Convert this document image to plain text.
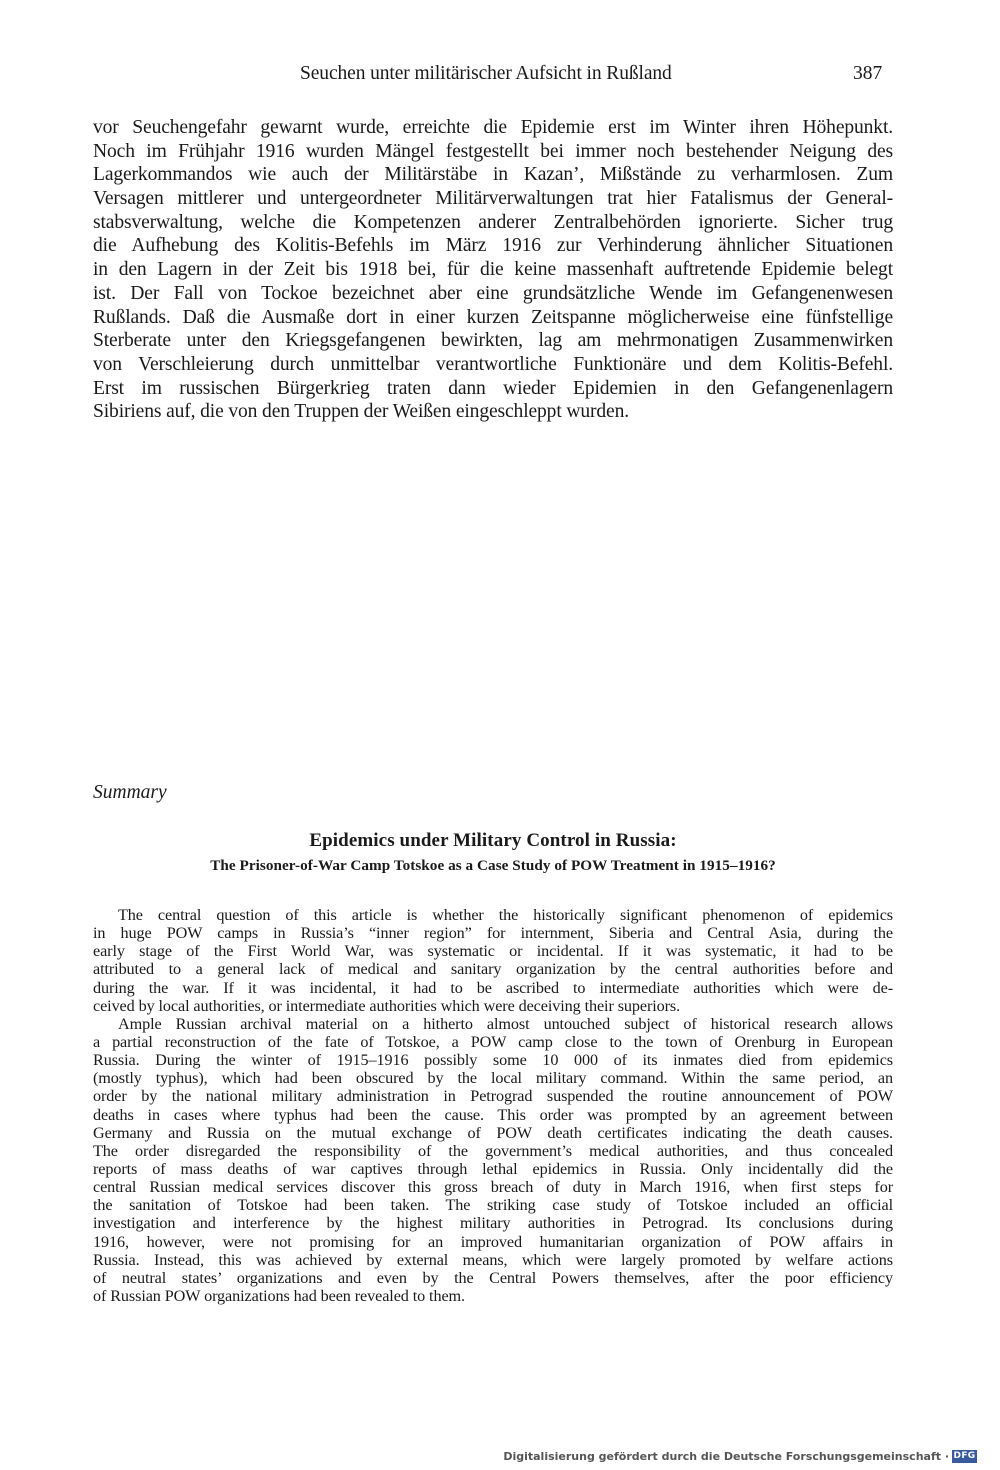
Seuchen unter militärischer Aufsicht in Rußland	387
vor Seuchengefahr gewarnt wurde, erreichte die Epidemie erst im Winter ihren Höhepunkt.
Noch im Frühjahr 1916 wurden Mängel festgestellt bei immer noch bestehender Neigung des
Lagerkommandos wie auch der Militärstäbe in Kazan’, Mißstände zu verharmlosen. Zum
Versagen mittlerer und untergeordneter Militärverwaltungen trat hier Fatalismus der General-
stabsverwaltung, welche die Kompetenzen anderer Zentralbehörden ignorierte. Sicher trug
die Aufhebung des Kolitis-Befehls im März 1916 zur Verhinderung ähnlicher Situationen
in den Lagern in der Zeit bis 1918 bei, für die keine massenhaft auftretende Epidemie belegt
ist. Der Fall von Tockoe bezeichnet aber eine grundsätzliche Wende im Gefangenenwesen
Rußlands. Daß die Ausmaße dort in einer kurzen Zeitspanne möglicherweise eine fünfstellige
Sterberate unter den Kriegsgefangenen bewirkten, lag am mehrmonatigen Zusammenwirken
von Verschleierung durch unmittelbar verantwortliche Funktionäre und dem Kolitis-Befehl.
Erst im russischen Bürgerkrieg traten dann wieder Epidemien in den Gefangenenlagern
Sibiriens auf, die von den Truppen der Weißen eingeschleppt wurden.
Summary
Epidemics under Military Control in Russia:
The Prisoner-of-War Camp Totskoe as a Case Study of POW Treatment in 1915–1916?
The central question of this article is whether the historically significant phenomenon of epidemics
in huge POW camps in Russia’s “inner region” for internment, Siberia and Central Asia, during the
early stage of the First World War, was systematic or incidental. If it was systematic, it had to be
attributed to a general lack of medical and sanitary organization by the central authorities before and
during the war. If it was incidental, it had to be ascribed to intermediate authorities which were de-
ceived by local authorities, or intermediate authorities which were deceiving their superiors.
Ample Russian archival material on a hitherto almost untouched subject of historical research allows
a partial reconstruction of the fate of Totskoe, a POW camp close to the town of Orenburg in European
Russia. During the winter of 1915–1916 possibly some 10 000 of its inmates died from epidemics
(mostly typhus), which had been obscured by the local military command. Within the same period, an
order by the national military administration in Petrograd suspended the routine announcement of POW
deaths in cases where typhus had been the cause. This order was prompted by an agreement between
Germany and Russia on the mutual exchange of POW death certificates indicating the death causes.
The order disregarded the responsibility of the government’s medical authorities, and thus concealed
reports of mass deaths of war captives through lethal epidemics in Russia. Only incidentally did the
central Russian medical services discover this gross breach of duty in March 1916, when first steps for
the sanitation of Totskoe had been taken. The striking case study of Totskoe included an official
investigation and interference by the highest military authorities in Petrograd. Its conclusions during
1916, however, were not promising for an improved humanitarian organization of POW affairs in
Russia. Instead, this was achieved by external means, which were largely promoted by welfare actions
of neutral states’ organizations and even by the Central Powers themselves, after the poor efficiency
of Russian POW organizations had been revealed to them.
Digitalisierung gefördert durch die Deutsche Forschungsgemeinschaft · DFG
